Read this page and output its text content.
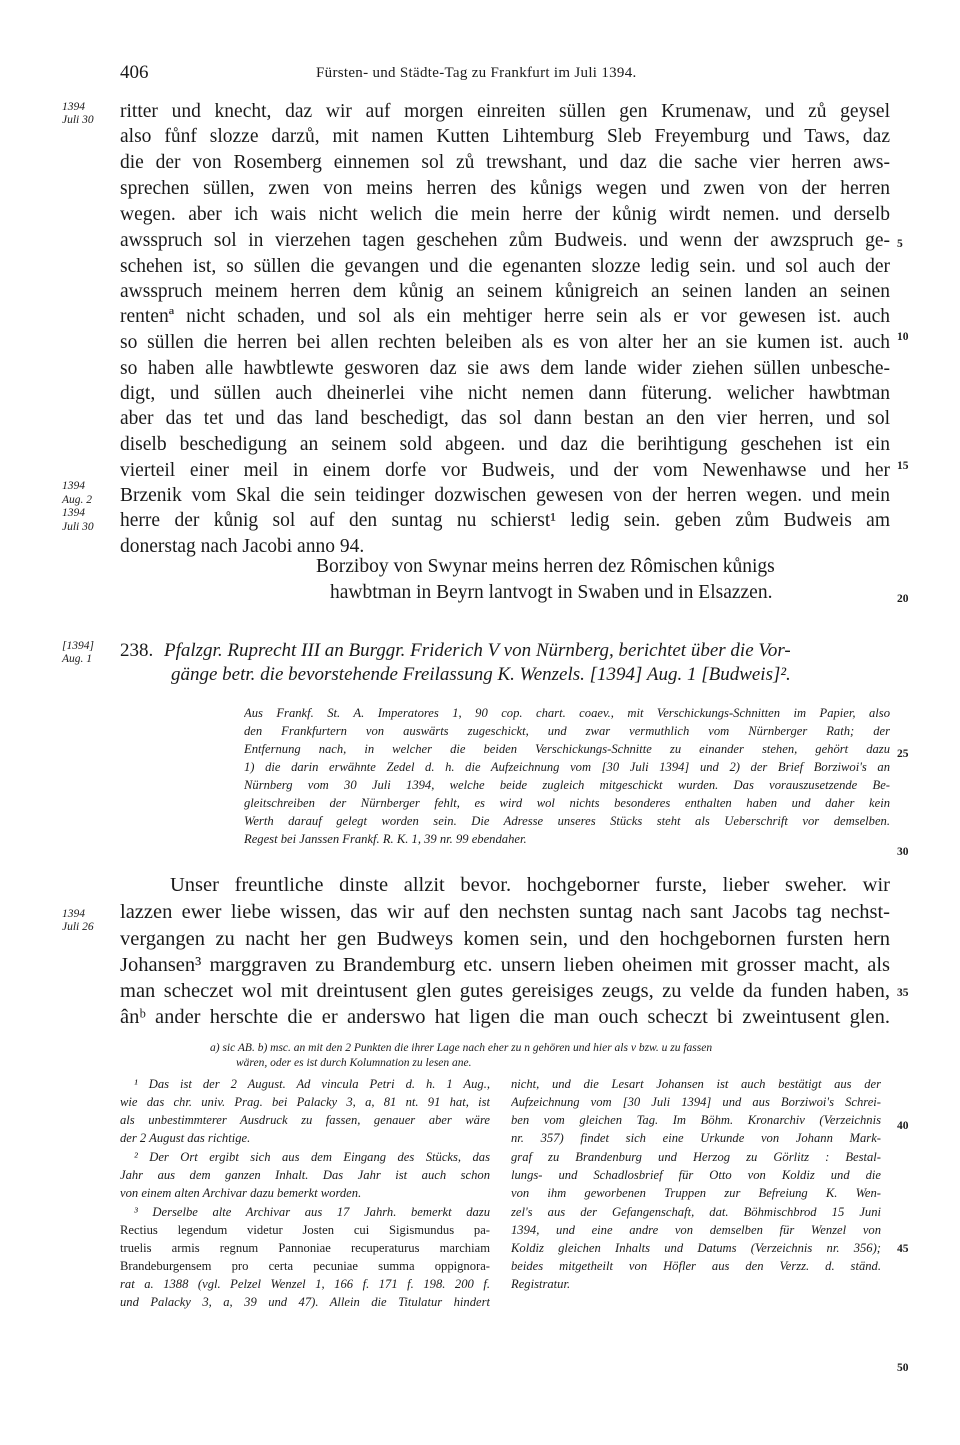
406	Fürsten- und Städte-Tag zu Frankfurt im Juli 1394.
1394
Juli 30
1394
Aug. 2
1394
Juli 30
[1394]
Aug. 1
1394
Juli 26
5
10
15
20
25
30
35
40
45
50
ritter und knecht, daz wir auf morgen einreiten süllen gen Krumenaw, und zů geysel
also fůnf slozze darzů, mit namen Kutten Lihtemburg Sleb Freyemburg und Taws, daz
die der von Rosemberg einnemen sol zů trewshant, und daz die sache vier herren aws-
sprechen süllen, zwen von meins herren des kůnigs wegen und zwen von der herren
wegen. aber ich wais nicht welich die mein herre der kůnig wirdt nemen. und derselb
awsspruch sol in vierzehen tagen geschehen zům Budweis. und wenn der awzspruch ge-
schehen ist, so süllen die gevangen und die egenanten slozze ledig sein. und sol auch der
awsspruch meinem herren dem kůnig an seinem kůnigreich an seinen landen an seinen
rentenª nicht schaden, und sol als ein mehtiger herre sein als er vor gewesen ist. auch
so süllen die herren bei allen rechten beleiben als es von alter her an sie kumen ist. auch
so haben alle hawbtlewte gesworen daz sie aws dem lande wider ziehen süllen unbesche-
digt, und süllen auch dheinerlei vihe nicht nemen dann füterung. welicher hawbtman
aber das tet und das land beschedigt, das sol dann bestan an den vier herren, und sol
diselb beschedigung an seinem sold abgeen. und daz die berihtigung geschehen ist ein
vierteil einer meil in einem dorfe vor Budweis, und der vom Newenhawse und her
Brzenik vom Skal die sein teidinger dozwischen gewesen von der herren wegen. und mein
herre der kůnig sol auf den suntag nu schierst¹ ledig sein. geben zům Budweis am
donerstag nach Jacobi anno 94.
Borziboy von Swynar meins herren dez Rômischen kůnigs
hawbtman in Beyrn lantvogt in Swaben und in Elsazzen.
238. Pfalzgr. Ruprecht III an Burggr. Friderich V von Nürnberg, berichtet über die Vor-
gänge betr. die bevorstehende Freilassung K. Wenzels. [1394] Aug. 1 [Budweis]².
Aus Frankf. St. A. Imperatores 1, 90 cop. chart. coaev., mit Verschickungs-Schnitten im Papier, also
den Frankfurtern von auswärts zugeschickt, und zwar vermuthlich vom Nürnberger Rath; der
Entfernung nach, in welcher die beiden Verschickungs-Schnitte zu einander stehen, gehört dazu
1) die darin erwähnte Zedel d. h. die Aufzeichnung vom [30 Juli 1394] und 2) der Brief Borziwoi's an
Nürnberg vom 30 Juli 1394, welche beide zugleich mitgeschickt wurden. Das vorauszusetzende Be-
gleitschreiben der Nürnberger fehlt, es wird wol nichts besonderes enthalten haben und daher kein
Werth darauf gelegt worden sein. Die Adresse unseres Stücks steht als Ueberschrift vor demselben.
Regest bei Janssen Frankf. R. K. 1, 39 nr. 99 ebendaher.
Unser freuntliche dinste allzit bevor. hochgeborner furste, lieber sweher. wir
lazzen ewer liebe wissen, das wir auf den nechsten suntag nach sant Jacobs tag nechst-
vergangen zu nacht her gen Budweys komen sein, und den hochgebornen fursten hern
Johansen³ marggraven zu Brandemburg etc. unsern lieben oheimen mit grosser macht, als
man scheczet wol mit dreintusent glen gutes gereisiges zeugs, zu velde da funden haben,
ânᵇ ander herschte die er anderswo hat ligen die man ouch scheczt bi zweintusent glen.
a) sic AB. b) msc. an mit den 2 Punkten die ihrer Lage nach eher zu n gehören und hier als v bzw. u zu fassen
wären, oder es ist durch Kolumnation zu lesen ane.
¹ Das ist der 2 August. Ad vincula Petri d. h. 1 Aug.,
wie das chr. univ. Prag. bei Palacky 3, a, 81 nt. 91 hat, ist
als unbestimmterer Ausdruck zu fassen, genauer aber wäre
der 2 August das richtige.
² Der Ort ergibt sich aus dem Eingang des Stücks, das
Jahr aus dem ganzen Inhalt. Das Jahr ist auch schon
von einem alten Archivar dazu bemerkt worden.
³ Derselbe alte Archivar aus 17 Jahrh. bemerkt dazu
Rectius legendum videtur Josten cui Sigismundus pa-
truelis armis regnum Pannoniae recuperaturus marchiam
Brandeburgensem pro certa pecuniae summa oppignora-
rat a. 1388 (vgl. Pelzel Wenzel 1, 166 f. 171 f. 198. 200 f.
und Palacky 3, a, 39 und 47). Allein die Titulatur hindert
nicht, und die Lesart Johansen ist auch bestätigt aus der
Aufzeichnung vom [30 Juli 1394] und aus Borziwoi's Schrei-
ben vom gleichen Tag. Im Böhm. Kronarchiv (Verzeichnis
nr. 357) findet sich eine Urkunde von Johann Mark-
graf zu Brandenburg und Herzog zu Görlitz : Bestal-
lungs- und Schadlosbrief für Otto von Koldiz und die
von ihm geworbenen Truppen zur Befreiung K. Wen-
zel's aus der Gefangenschaft, dat. Böhmischbrod 15 Juni
1394, und eine andre von demselben für Wenzel von
Koldiz gleichen Inhalts und Datums (Verzeichnis nr. 356);
beides mitgetheilt von Höfler aus den Verzz. d. ständ.
Registratur.
